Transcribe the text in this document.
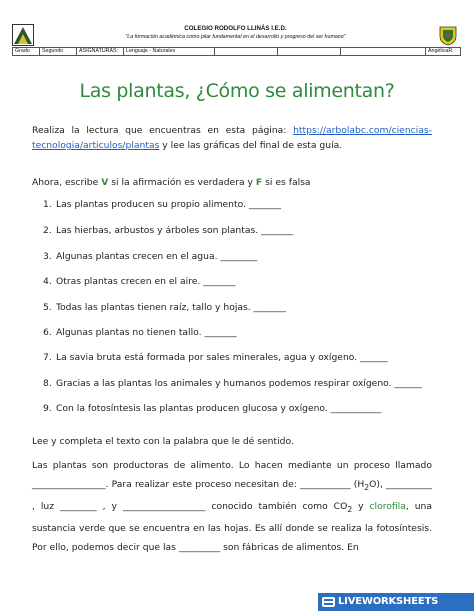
COLEGIO RODOLFO LLINÁS I.E.D.
"La formación académica como pilar fundamental en el desarrollo y progreso del ser humano"
Grado	Segundo	ASIGNATURAS:	Lenguaje - Naturales	AngélicaR.
Las plantas, ¿Cómo se alimentan?
Realiza la lectura que encuentras en esta página: https://arbolabc.com/ciencias-tecnologia/articulos/plantas y lee las gráficas del final de esta guía.
Ahora, escribe V si la afirmación es verdadera y F si es falsa
1. Las plantas producen su propio alimento. _______
2. Las hierbas, arbustos y árboles son plantas. _______
3. Algunas plantas crecen en el agua. ________
4. Otras plantas crecen en el aire. _______
5. Todas las plantas tienen raíz, tallo y hojas. _______
6. Algunas plantas no tienen tallo. _______
7. La savia bruta está formada por sales minerales, agua y oxígeno. ______
8. Gracias a las plantas los animales y humanos podemos respirar oxígeno. ______
9. Con la fotosíntesis las plantas producen glucosa y oxígeno. ___________
Lee y completa el texto con la palabra que le dé sentido.
Las plantas son productoras de alimento. Lo hacen mediante un proceso llamado ________________. Para realizar este proceso necesitan de: ___________ $(H_2O)$, __________ , luz ________ , y __________________ conocido también como $CO_2$ y clorofila, una sustancia verde que se encuentra en las hojas. Es allí donde se realiza la fotosíntesis. Por ello, podemos decir que las _________ son fábricas de alimentos. En
LIVEWORKSHEETS
